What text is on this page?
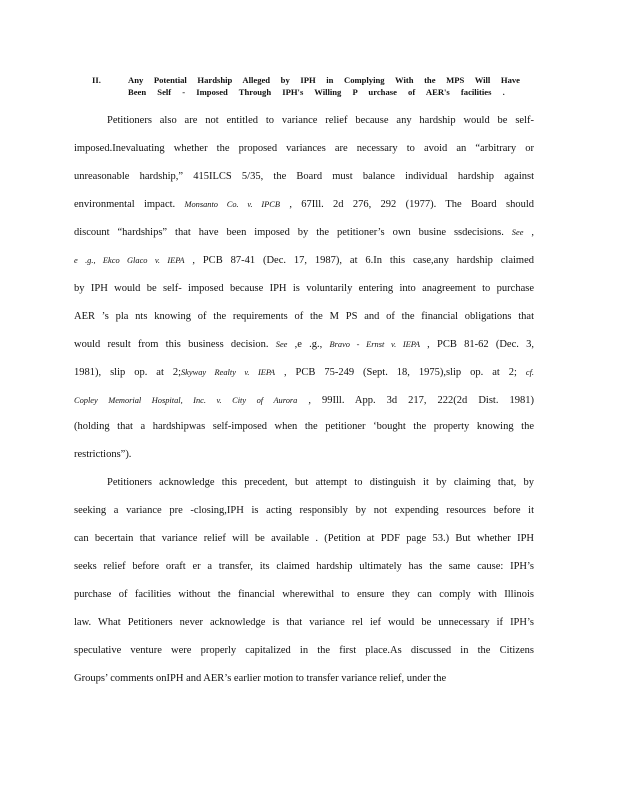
II.	Any Potential Hardship Alleged by IPH in Complying With the MPS Will Have
Been Self - Imposed Through IPH's Willing P urchase of AER's facilities .
Petitioners also are not entitled to variance relief because any hardship would be self-
imposed.Inevaluating whether the proposed variances are necessary to avoid an “arbitrary or
unreasonable hardship,” 415ILCS 5/35, the Board must balance individual hardship against
environmental impact. Monsanto Co. v. IPCB , 67Ill. 2d 276, 292 (1977). The Board should
discount “hardships” that have been imposed by the petitioner’s own busine ssdecisions. See ,
e .g., Ekco Glaco v. IEPA , PCB 87-41 (Dec. 17, 1987), at 6.In this case,any hardship claimed
by IPH would be self- imposed because IPH is voluntarily entering into anagreement to purchase
AER ’s pla nts knowing of the requirements of the M PS and of the financial obligations that
would result from this business decision. See ,e .g., Bravo - Ernst v. IEPA , PCB 81-62 (Dec. 3,
1981), slip op. at 2;Skyway Realty v. IEPA , PCB 75-249 (Sept. 18, 1975),slip op. at 2; cf.
Copley Memorial Hospital, Inc. v. City of Aurora , 99Ill. App. 3d 217, 222(2d Dist. 1981)
(holding that a hardshipwas self-imposed when the petitioner ‘bought the property knowing the
restrictions”).
Petitioners acknowledge this precedent, but attempt to distinguish it by claiming that, by
seeking a variance pre -closing,IPH is acting responsibly by not expending resources before it
can becertain that variance relief will be available . (Petition at PDF page 53.) But whether IPH
seeks relief before oraft er a transfer, its claimed hardship ultimately has the same cause: IPH’s
purchase of facilities without the financial wherewithal to ensure they can comply with Illinois
law. What Petitioners never acknowledge is that variance rel ief would be unnecessary if IPH’s
speculative venture were properly capitalized in the first place.As discussed in the Citizens
Groups’ comments onIPH and AER’s earlier motion to transfer variance relief, under the
